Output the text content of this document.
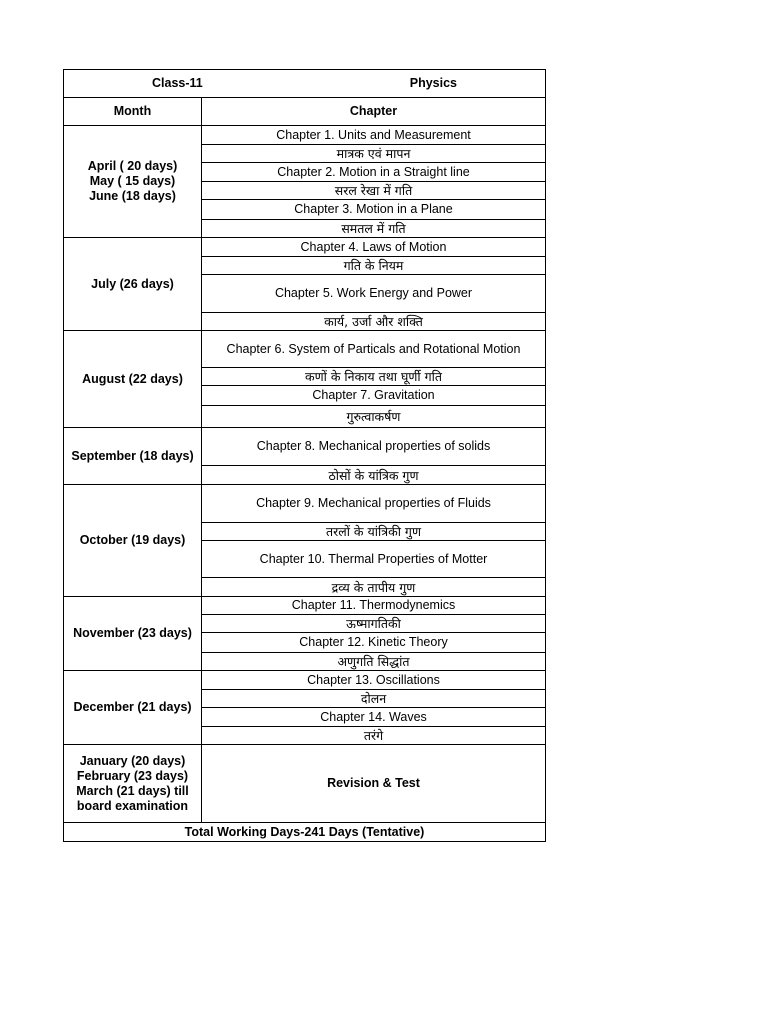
Class-11 Physics	

Month	Chapter

April ( 20 days)
May ( 15 days)
June (18 days)	Chapter 1. Units and Measurement
	मात्रक एवं मापन
	Chapter 2. Motion in a Straight line
	सरल रेखा में गति
	Chapter 3. Motion in a Plane
	समतल में गति

July (26 days)	Chapter 4. Laws of Motion
	गति के नियम
	Chapter 5. Work Energy and Power
	कार्य, उर्जा और शक्ति

August (22 days)	Chapter 6. System of Particals and Rotational Motion
	कणों के निकाय तथा घूर्णी गति
	Chapter 7. Gravitation
	गुरुत्वाकर्षण

September (18 days)	Chapter 8. Mechanical properties of solids
	ठोसों के यांत्रिक गुण

October (19 days)	Chapter 9. Mechanical properties of Fluids
	तरलों के यांत्रिकी गुण
	Chapter 10. Thermal Properties of Motter
	द्रव्य के तापीय गुण

November (23 days)	Chapter 11. Thermodynemics
	ऊष्मागतिकी
	Chapter 12. Kinetic Theory
	अणुगति सिद्धांत

December (21 days)	Chapter 13. Oscillations
	दोलन
	Chapter 14. Waves
	तरंगे

January (20 days)
February (23 days)
March (21 days) till
board examination	Revision & Test
Total Working Days-241 Days (Tentative)	
